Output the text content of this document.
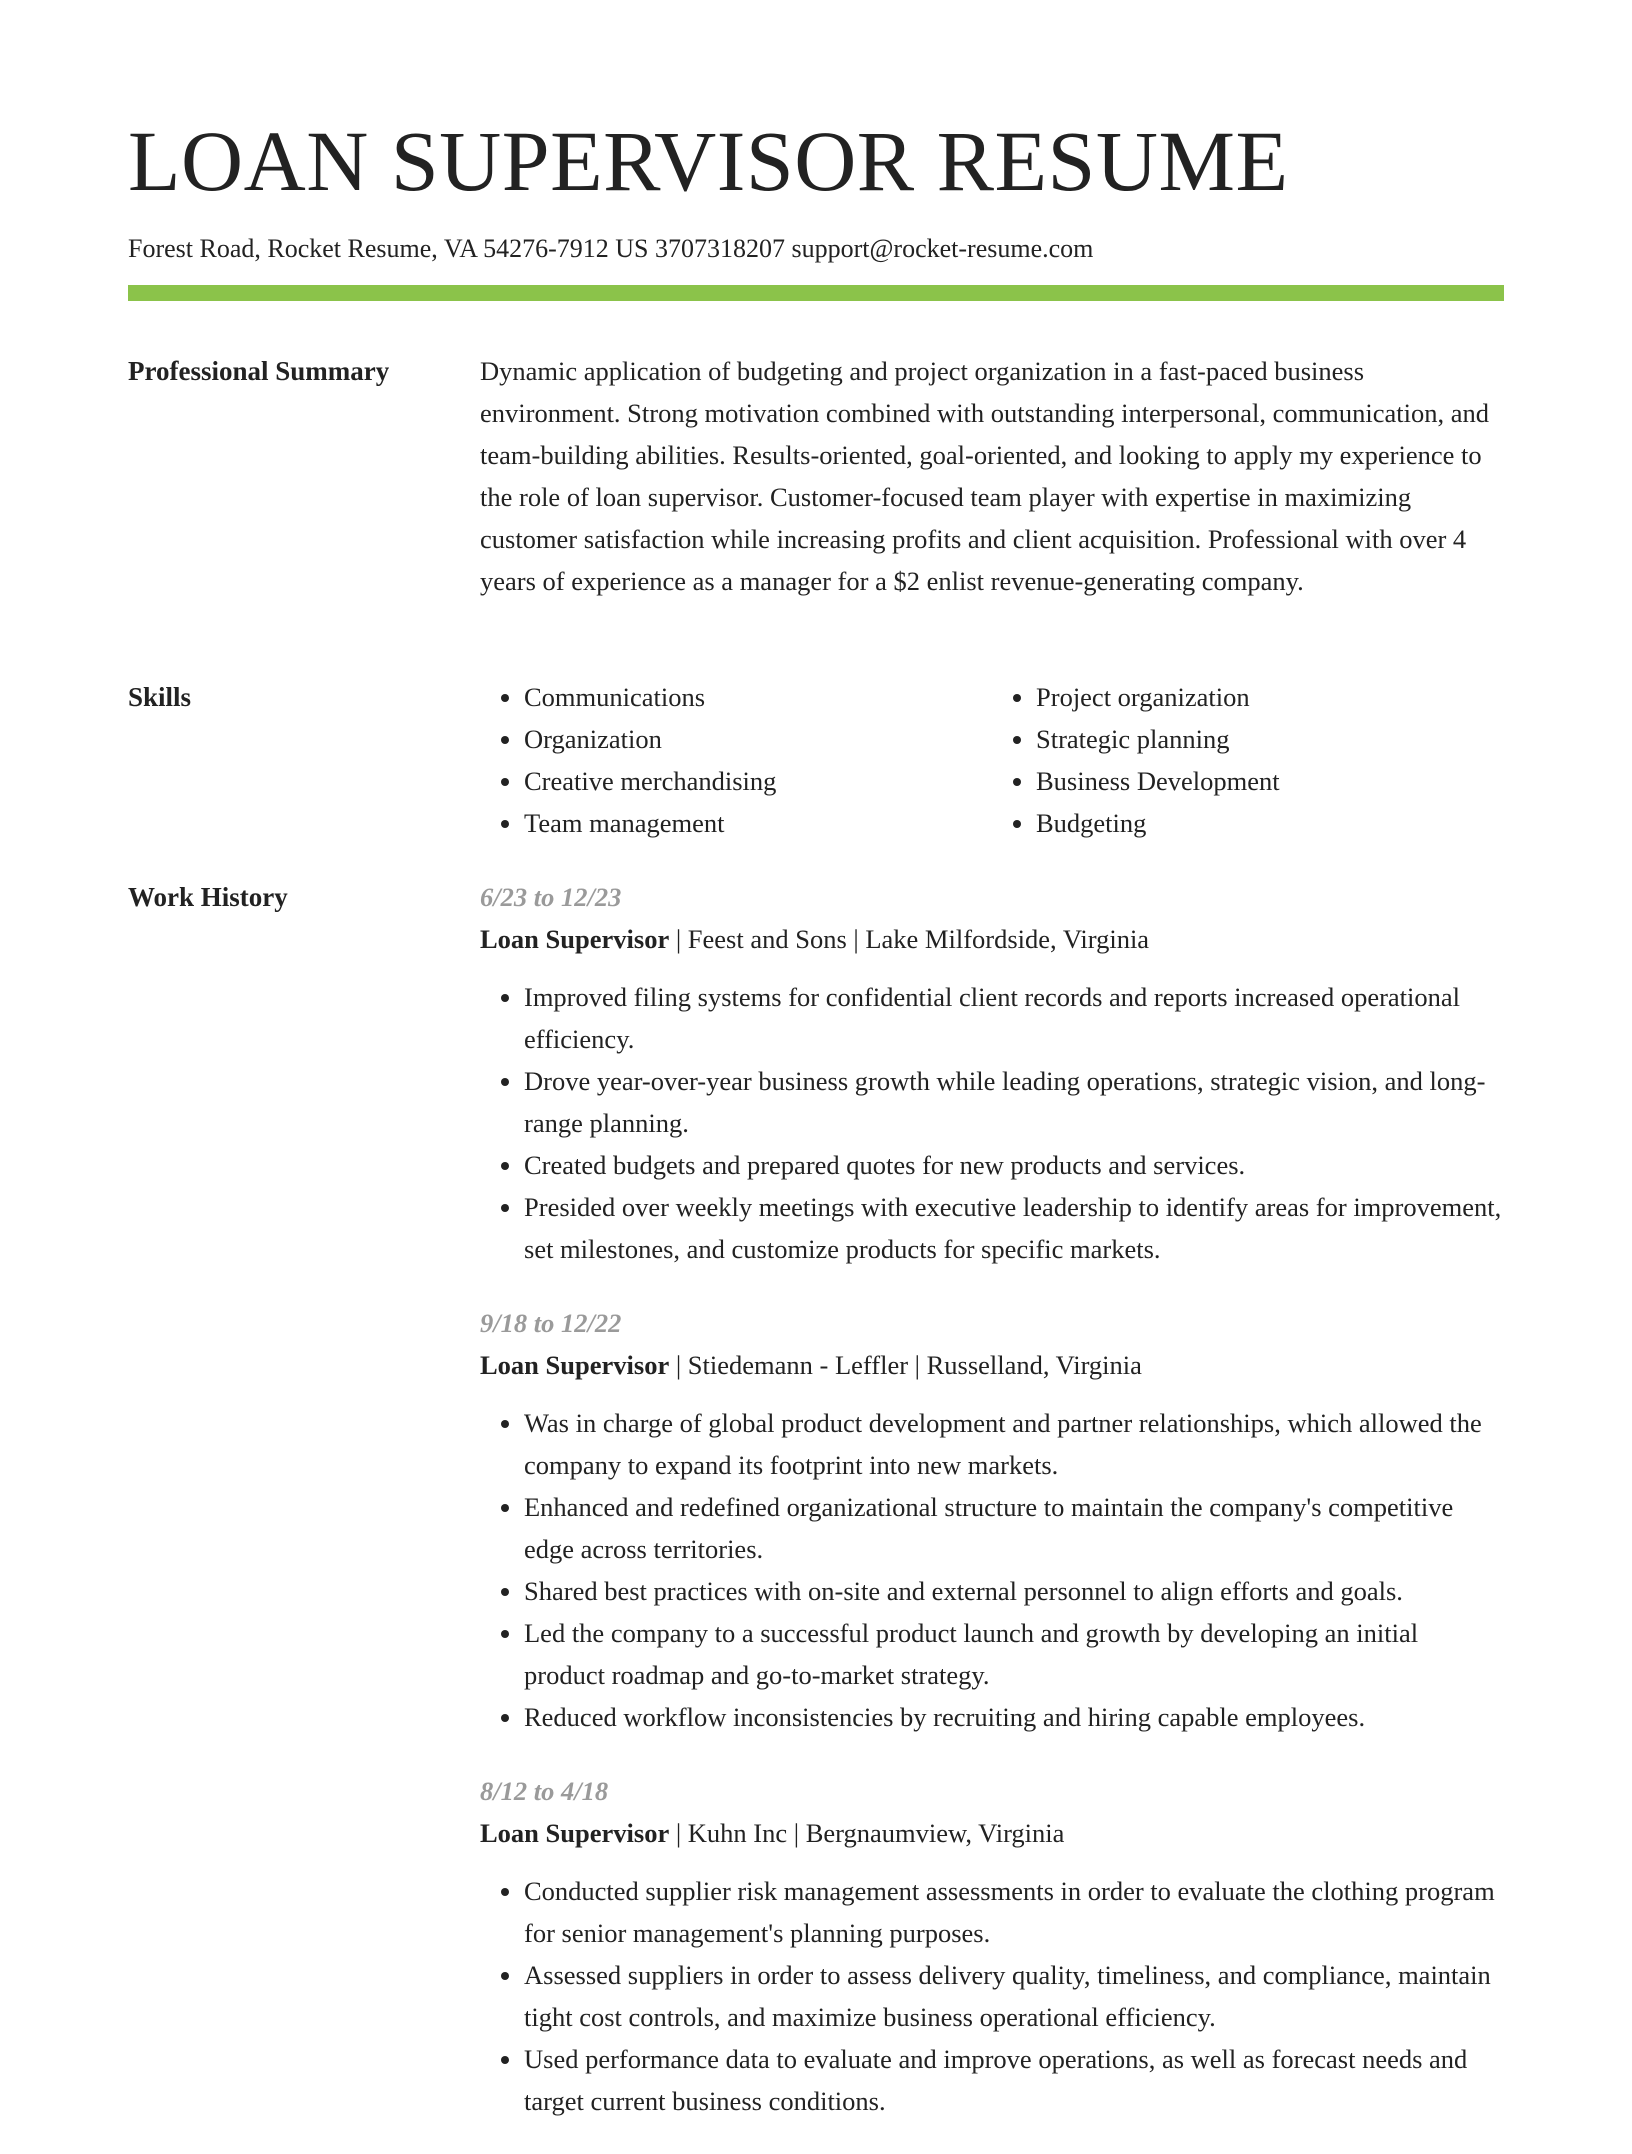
LOAN SUPERVISOR RESUME
Forest Road, Rocket Resume, VA 54276-7912 US 3707318207 support@rocket-resume.com
Professional Summary	Dynamic application of budgeting and project organization in a fast-paced business environment. Strong motivation combined with outstanding interpersonal, communication, and team-building abilities. Results-oriented, goal-oriented, and looking to apply my experience to the role of loan supervisor. Customer-focused team player with expertise in maximizing customer satisfaction while increasing profits and client acquisition. Professional with over 4 years of experience as a manager for a $2 enlist revenue-generating company.

Skills
•	Communications
• Organization
• Creative merchandising
• Team management
• Project organization
• Strategic planning
• Business Development
• Budgeting
Work History	6/23 to 12/23
Loan Supervisor | Feest and Sons | Lake Milfordside, Virginia
• Improved filing systems for confidential client records and reports increased operational efficiency.
• Drove year-over-year business growth while leading operations, strategic vision, and long-range planning.
• Created budgets and prepared quotes for new products and services.
• Presided over weekly meetings with executive leadership to identify areas for improvement, set milestones, and customize products for specific markets.
9/18 to 12/22
Loan Supervisor | Stiedemann - Leffler | Russelland, Virginia
• Was in charge of global product development and partner relationships, which allowed the company to expand its footprint into new markets.
• Enhanced and redefined organizational structure to maintain the company's competitive edge across territories.
• Shared best practices with on-site and external personnel to align efforts and goals.
• Led the company to a successful product launch and growth by developing an initial product roadmap and go-to-market strategy.
• Reduced workflow inconsistencies by recruiting and hiring capable employees.
8/12 to 4/18
Loan Supervisor | Kuhn Inc | Bergnaumview, Virginia
• Conducted supplier risk management assessments in order to evaluate the clothing program for senior management's planning purposes.
• Assessed suppliers in order to assess delivery quality, timeliness, and compliance, maintain tight cost controls, and maximize business operational efficiency.
• Used performance data to evaluate and improve operations, as well as forecast needs and target current business conditions.
